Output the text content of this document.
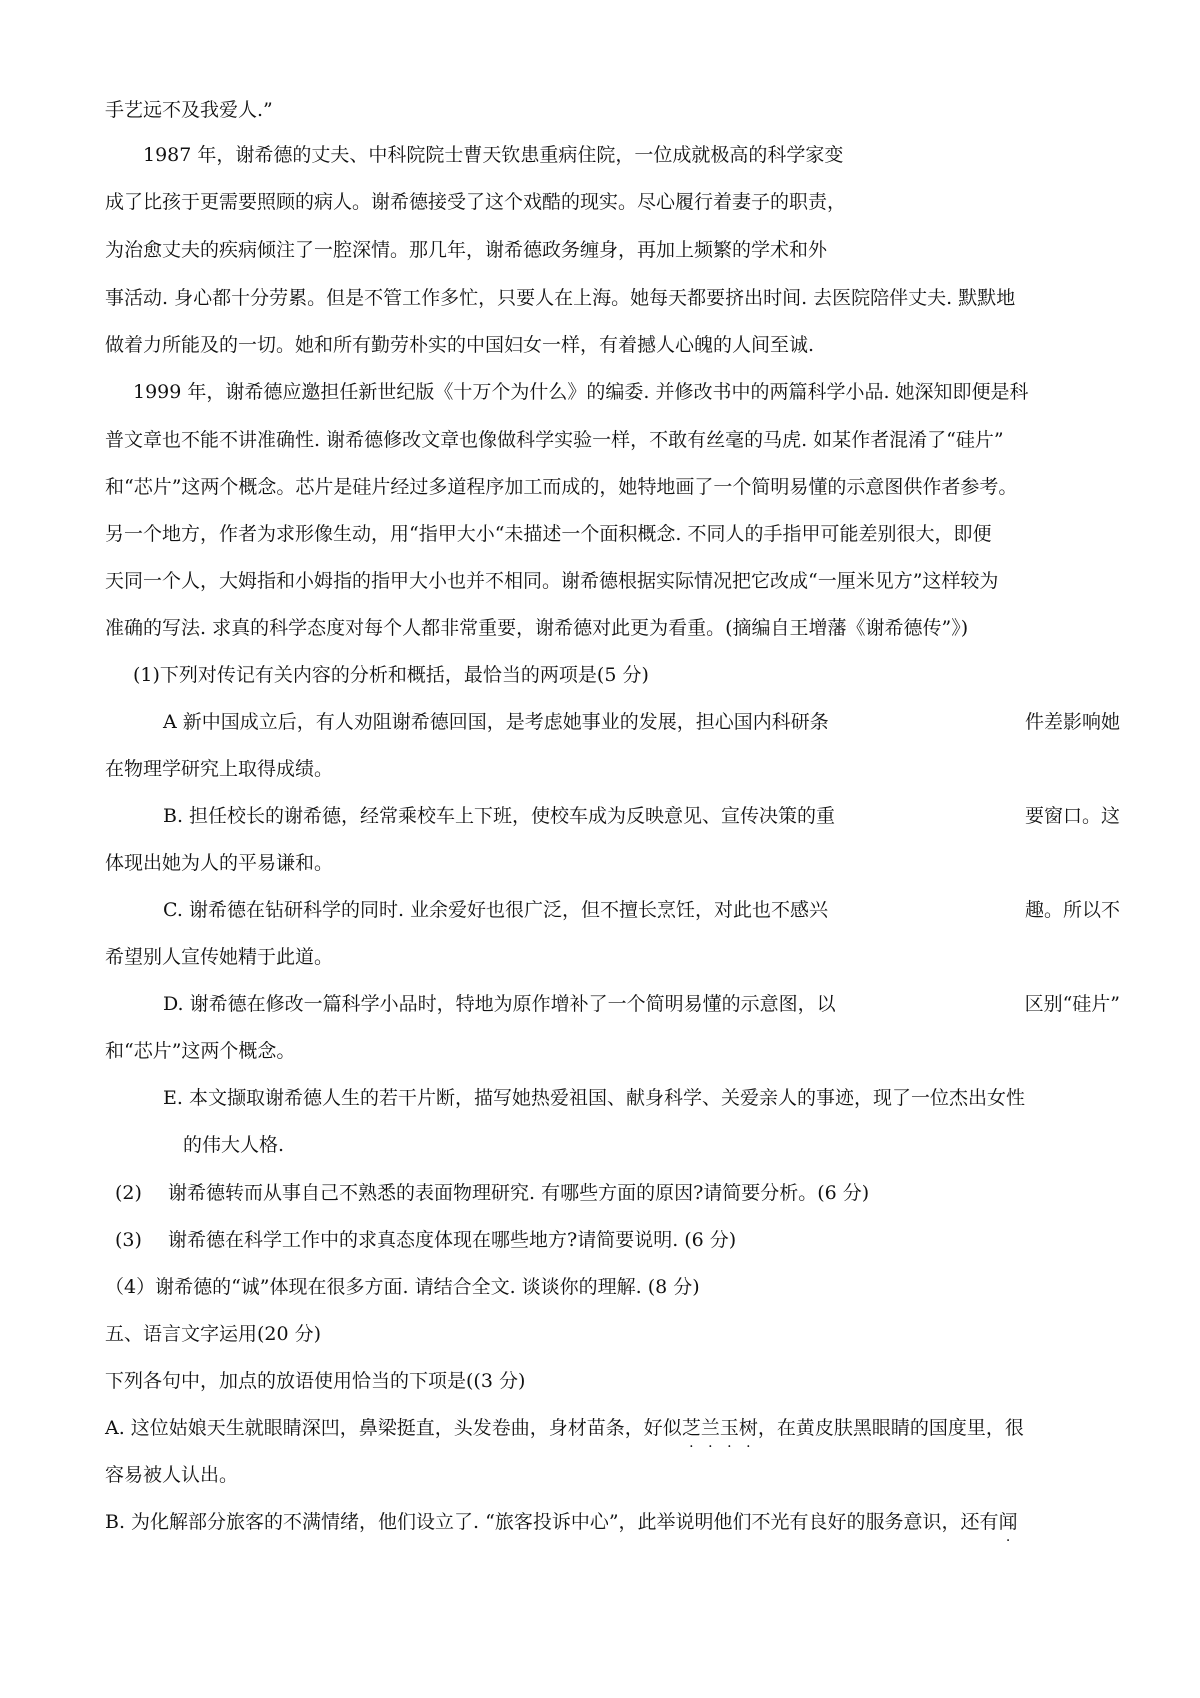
手艺远不及我爱人.”
1987 年，谢希德的丈夫、中科院院士曹天钦患重病住院，一位成就极高的科学家变
成了比孩于更需要照顾的病人。谢希德接受了这个戏酷的现实。尽心履行着妻子的职责，
为治愈丈夫的疾病倾注了一腔深情。那几年，谢希德政务缠身，再加上频繁的学术和外
事活动. 身心都十分劳累。但是不管工作多忙，只要人在上海。她每天都要挤出时间. 去医院陪伴丈夫. 默默地
做着力所能及的一切。她和所有勤劳朴实的中国妇女一样，有着撼人心魄的人间至诚.
1999 年，谢希德应邀担任新世纪版《十万个为什么》的编委. 并修改书中的两篇科学小品. 她深知即便是科
普文章也不能不讲准确性. 谢希德修改文章也像做科学实验一样，不敢有丝毫的马虎. 如某作者混淆了“硅片”
和“芯片”这两个概念。芯片是硅片经过多道程序加工而成的，她特地画了一个简明易懂的示意图供作者参考。
另一个地方，作者为求形像生动，用“指甲大小“未描述一个面积概念. 不同人的手指甲可能差别很大，即便
天同一个人，大姆指和小姆指的指甲大小也并不相同。谢希德根据实际情况把它改成“一厘米见方”这样较为
准确的写法. 求真的科学态度对每个人都非常重要，谢希德对此更为看重。(摘编自王增藩《谢希德传”》)
(1)下列对传记有关内容的分析和概括，最恰当的两项是(5 分)
A 新中国成立后，有人劝阻谢希德回国，是考虑她事业的发展，担心国内科研条	件差影响她
在物理学研究上取得成绩。
B. 担任校长的谢希德，经常乘校车上下班，使校车成为反映意见、宣传决策的重	要窗口。这
体现出她为人的平易谦和。
C. 谢希德在钻研科学的同时. 业余爱好也很广泛，但不擅长烹饪，对此也不感兴	趣。所以不
希望别人宣传她精于此道。
D. 谢希德在修改一篇科学小品时，特地为原作增补了一个简明易懂的示意图，以	区别“硅片”
和“芯片”这两个概念。
E. 本文撷取谢希德人生的若干片断，描写她热爱祖国、献身科学、关爱亲人的事迹，现了一位杰出女性
的伟大人格.
(2) 谢希德转而从事自己不熟悉的表面物理研究. 有哪些方面的原因?请简要分析。(6 分)
(3) 谢希德在科学工作中的求真态度体现在哪些地方?请简要说明. (6 分)
（4）谢希德的“诚”体现在很多方面. 请结合全文. 谈谈你的理解. (8 分)
五、语言文字运用(20 分)
下列各句中，加点的放语使用恰当的下项是((3 分)
A. 这位姑娘天生就眼睛深凹，鼻梁挺直，头发卷曲，身材苗条，好似芝
·
兰
·
玉
·
树
·
，在黄皮肤黑眼睛的国度里，很
容易被人认出。
B. 为化解部分旅客的不满情绪，他们设立了. “旅客投诉中心”，此举说明他们不光有良好的服务意识，还有闻
·
